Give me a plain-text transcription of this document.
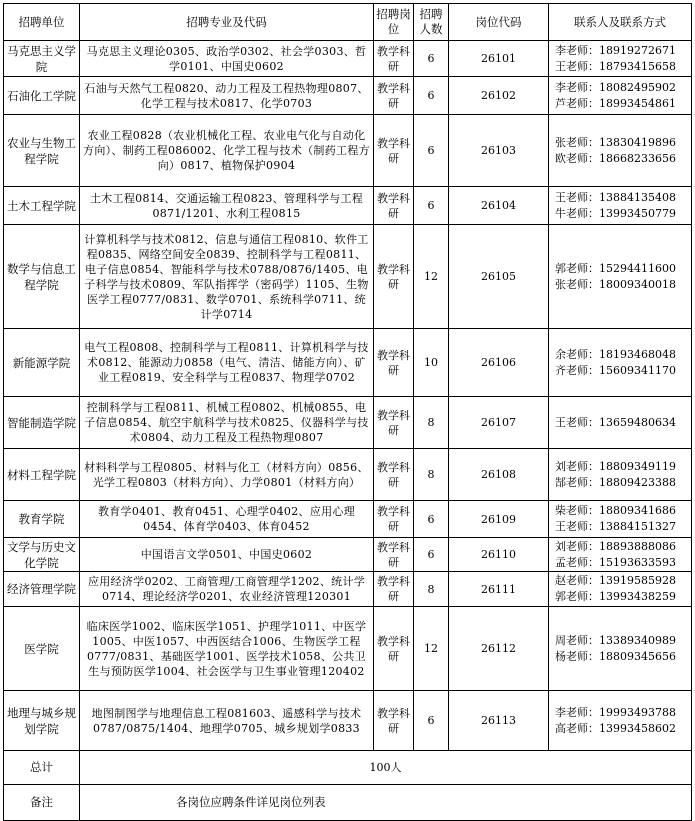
招聘单位	招聘专业及代码	招聘岗位	招聘人数	岗位代码	联系人及联系方式
马克思主义学院	马克思主义理论0305、政治学0302、社会学0303、哲学0101、中国史0602	教学科研	6	26101	李老师：18919272671
王老师：18793415658

石油化工学院	石油与天然气工程0820、动力工程及工程热物理0807、化学工程与技术0817、化学0703	教学科研	6	26102	李老师：18082495902
芦老师：18993454861

农业与生物工程学院	农业工程0828（农业机械化工程、农业电气化与自动化方向）、制药工程086002、化学工程与技术（制药工程方向）0817、植物保护0904	教学科研	6	26103	张老师：13830419896
欧老师：18668233656

土木工程学院	土木工程0814、交通运输工程0823、管理科学与工程0871/1201、水利工程0815	教学科研	6	26104	王老师：13884135408
牛老师：13993450779

数学与信息工程学院	计算机科学与技术0812、信息与通信工程0810、软件工程0835、网络空间安全0839、控制科学与工程0811、电子信息0854、智能科学与技术0788/0876/1405、电子科学与技术0809、军队指挥学（密码学）1105、生物医学工程0777/0831、数学0701、系统科学0711、统计学0714	教学科研	12	26105	郭老师：15294411600
张老师：18009340018

新能源学院	电气工程0808、控制科学与工程0811、计算机科学与技术0812、能源动力0858（电气、清洁、储能方向）、矿业工程0819、安全科学与工程0837、物理学0702	教学科研	10	26106	余老师：18193468048
齐老师：15609341170

智能制造学院	控制科学与工程0811、机械工程0802、机械0855、电子信息0854、航空宇航科学与技术0825、仪器科学与技术0804、动力工程及工程热物理0807	教学科研	8	26107	王老师：13659480634

材料工程学院	材料科学与工程0805、材料与化工（材料方向）0856、光学工程0803（材料方向）、力学0801（材料方向）	教学科研	8	26108	刘老师：18809349119
郜老师：18809423388

教育学院	教育学0401、教育0451、心理学0402、应用心理0454、体育学0403、体育0452	教学科研	6	26109	柴老师：18809341686
王老师：13884151327

文学与历史文化学院	中国语言文学0501、中国史0602	教学科研	6	26110	刘老师：18893888086
孟老师：15193633593

经济管理学院	应用经济学0202、工商管理/工商管理学1202、统计学0714、理论经济学0201、农业经济管理120301	教学科研	8	26111	赵老师：13919585928
郭老师：13993438259

医学院	临床医学1002、临床医学1051、护理学1011、中医学1005、中医1057、中西医结合1006、生物医学工程0777/0831、基础医学1001、医学技术1058、公共卫生与预防医学1004、社会医学与卫生事业管理120402	教学科研	12	26112	周老师：13389340989
杨老师：18809345656

地理与城乡规划学院	地图制图学与地理信息工程081603、遥感科学与技术0787/0875/1404、地理学0705、城乡规划学0833	教学科研	6	26113	李老师：19993493788
高老师：13993458602

总计	100人				
备注	各岗位应聘条件详见岗位列表				
